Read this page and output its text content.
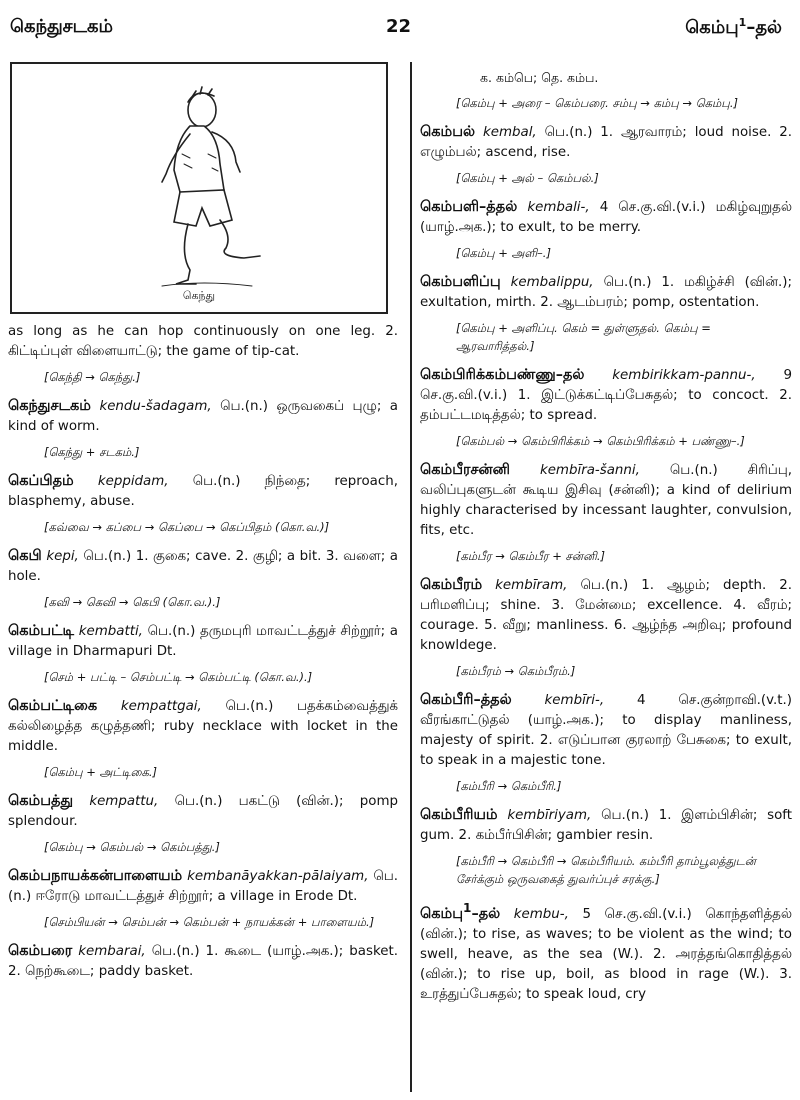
கெந்துசடகம்	22	கெம்பு$^1$–தல்
கெந்து
as long as he can hop continuously on one leg. 2. கிட்டிப்புள் விளையாட்டு; the game of tip-cat.
[கெந்தி → கெந்து.]
கெந்துசடகம் kendu-šadagam, பெ.(n.) ஒருவகைப் புழு; a kind of worm.
[கெந்து + சடகம்.]
கெப்பிதம் keppidam, பெ.(n.) நிந்தை; reproach, blasphemy, abuse.
[கவ்வை → கப்பை → கெப்பை → கெப்பிதம் (கொ.வ.)]
கெபி kepi, பெ.(n.) 1. குகை; cave. 2. குழி; a bit. 3. வளை; a hole.
[கவி → கெவி → கெபி (கொ.வ.).]
கெம்பட்டி kembatti, பெ.(n.) தருமபுரி மாவட்டத்துச் சிற்றூர்; a village in Dharmapuri Dt.
[செம் + பட்டி – செம்பட்டி → கெம்பட்டி (கொ.வ.).]
கெம்பட்டிகை kempattgai, பெ.(n.) பதக்கம்வைத்துக் கல்லிழைத்த கழுத்தணி; ruby necklace with locket in the middle.
[கெம்பு + அட்டிகை.]
கெம்பத்து kempattu, பெ.(n.) பகட்டு (வின்.); pomp splendour.
[கெம்பு → கெம்பல் → கெம்பத்து.]
கெம்பநாயக்கன்பாளையம் kembanāyakkan-pālaiyam, பெ.(n.) ஈரோடு மாவட்டத்துச் சிற்றூர்; a village in Erode Dt.
[செம்பியன் → செம்பன் → கெம்பன் + நாயக்கன் + பாளையம்.]
கெம்பரை kembarai, பெ.(n.) 1. கூடை (யாழ்.அக.); basket. 2. நெற்கூடை; paddy basket.
க. கம்பெ; தெ. கம்ப.
[கெம்பு + அரை – கெம்பரை. சம்பு → கம்பு → கெம்பு.]
கெம்பல் kembal, பெ.(n.) 1. ஆரவாரம்; loud noise. 2. எழும்பல்; ascend, rise.
[கெம்பு + அல் – கெம்பல்.]
கெம்பளி–த்தல் kembali-, 4 செ.கு.வி.(v.i.) மகிழ்வுறுதல் (யாழ்.அக.); to exult, to be merry.
[கெம்பு + அளி–.]
கெம்பளிப்பு kembalippu, பெ.(n.) 1. மகிழ்ச்சி (வின்.); exultation, mirth. 2. ஆடம்பரம்; pomp, ostentation.
[கெம்பு + அளிப்பு. கெம் = துள்ளுதல். கெம்பு = ஆரவாரித்தல்.]
கெம்பிரிக்கம்பண்ணு–தல் kembirikkam-pannu-, 9 செ.கு.வி.(v.i.) 1. இட்டுக்கட்டிப்பேசுதல்; to concoct. 2. தம்பட்டமடித்தல்; to spread.
[கெம்பல் → கெம்பிரிக்கம் → கெம்பிரிக்கம் + பண்ணு–.]
கெம்பீரசன்னி kembīra-šanni, பெ.(n.) சிரிப்பு, வலிப்புகளுடன் கூடிய இசிவு (சன்னி); a kind of delirium highly characterised by incessant laughter, convulsion, fits, etc.
[கம்பீர → கெம்பீர + சன்னி.]
கெம்பீரம் kembīram, பெ.(n.) 1. ஆழம்; depth. 2. பரிமளிப்பு; shine. 3. மேன்மை; excellence. 4. வீரம்; courage. 5. வீறு; manliness. 6. ஆழ்ந்த அறிவு; profound knowldege.
[கம்பீரம் → கெம்பீரம்.]
கெம்பீரி–த்தல் kembīri-, 4 செ.குன்றாவி.(v.t.) வீரங்காட்டுதல் (யாழ்.அக.); to display manliness, majesty of spirit. 2. எடுப்பான குரலாற் பேசுகை; to exult, to speak in a majestic tone.
[கம்பீரி → கெம்பீரி.]
கெம்பீரியம் kembīriyam, பெ.(n.) 1. இளம்பிசின்; soft gum. 2. கம்பீர்பிசின்; gambier resin.
[கம்பீரி → கெம்பீரி → கெம்பீரியம். கம்பீரி தாம்பூலத்துடன் சேர்க்கும் ஒருவகைத் துவர்ப்புச் சரக்கு.]
கெம்பு$^1$–தல் kembu-, 5 செ.கு.வி.(v.i.) கொந்தளித்தல் (வின்.); to rise, as waves; to be violent as the wind; to swell, heave, as the sea (W.). 2. அரத்தங்கொதித்தல் (வின்.); to rise up, boil, as blood in rage (W.). 3. உரத்துப்பேசுதல்; to speak loud, cry
